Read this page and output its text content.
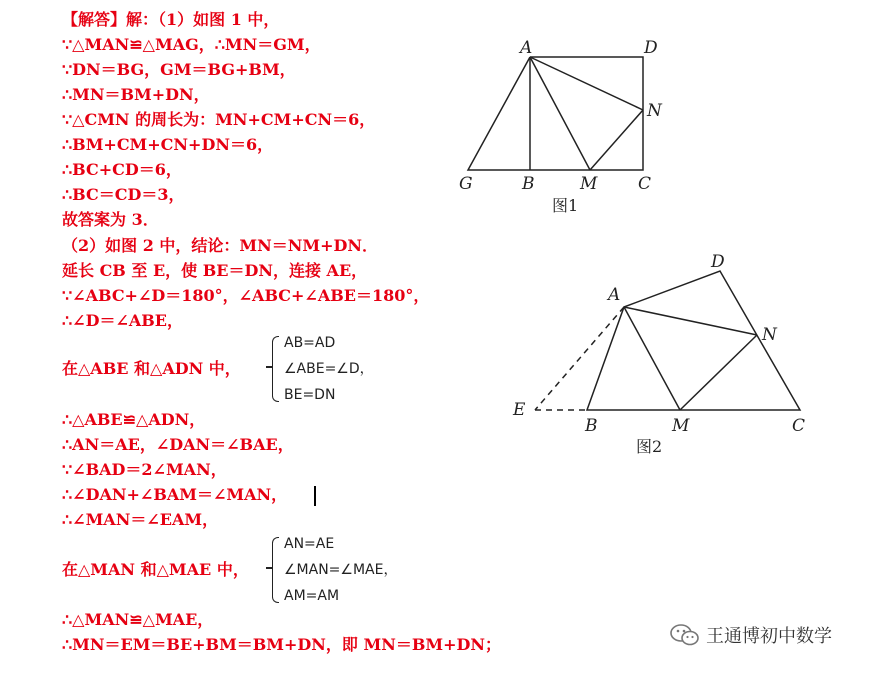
【解答】解：（1）如图 1 中，
∵△MAN≌△MAG，∴MN＝GM，
∵DN＝BG，GM＝BG+BM，
∴MN＝BM+DN，
∵△CMN 的周长为：MN+CM+CN＝6，
∴BM+CM+CN+DN＝6，
∴BC+CD＝6，
∴BC＝CD＝3，
故答案为 3．
（2）如图 2 中，结论：MN＝NM+DN．
延长 CB 至 E，使 BE＝DN，连接 AE，
∵∠ABC+∠D＝180°，∠ABC+∠ABE＝180°，
∴∠D＝∠ABE，
在△ABE 和△ADN 中，
∴△ABE≌△ADN，
∴AN＝AE，∠DAN＝∠BAE，
∵∠BAD＝2∠MAN，
∴∠DAN+∠BAM＝∠MAN，
∴∠MAN＝∠EAM，
在△MAN 和△MAE 中，
∴△MAN≌△MAE，
∴MN＝EM＝BE+BM＝BM+DN，即 MN＝BM+DN；
AB=AD
∠ABE=∠D，
BE=DN
AN=AE
∠MAN=∠MAE，
AM=AM
A	D
N
G	B	M C
图1
A
D
N
E
B	M	C
图2
王通博初中数学
